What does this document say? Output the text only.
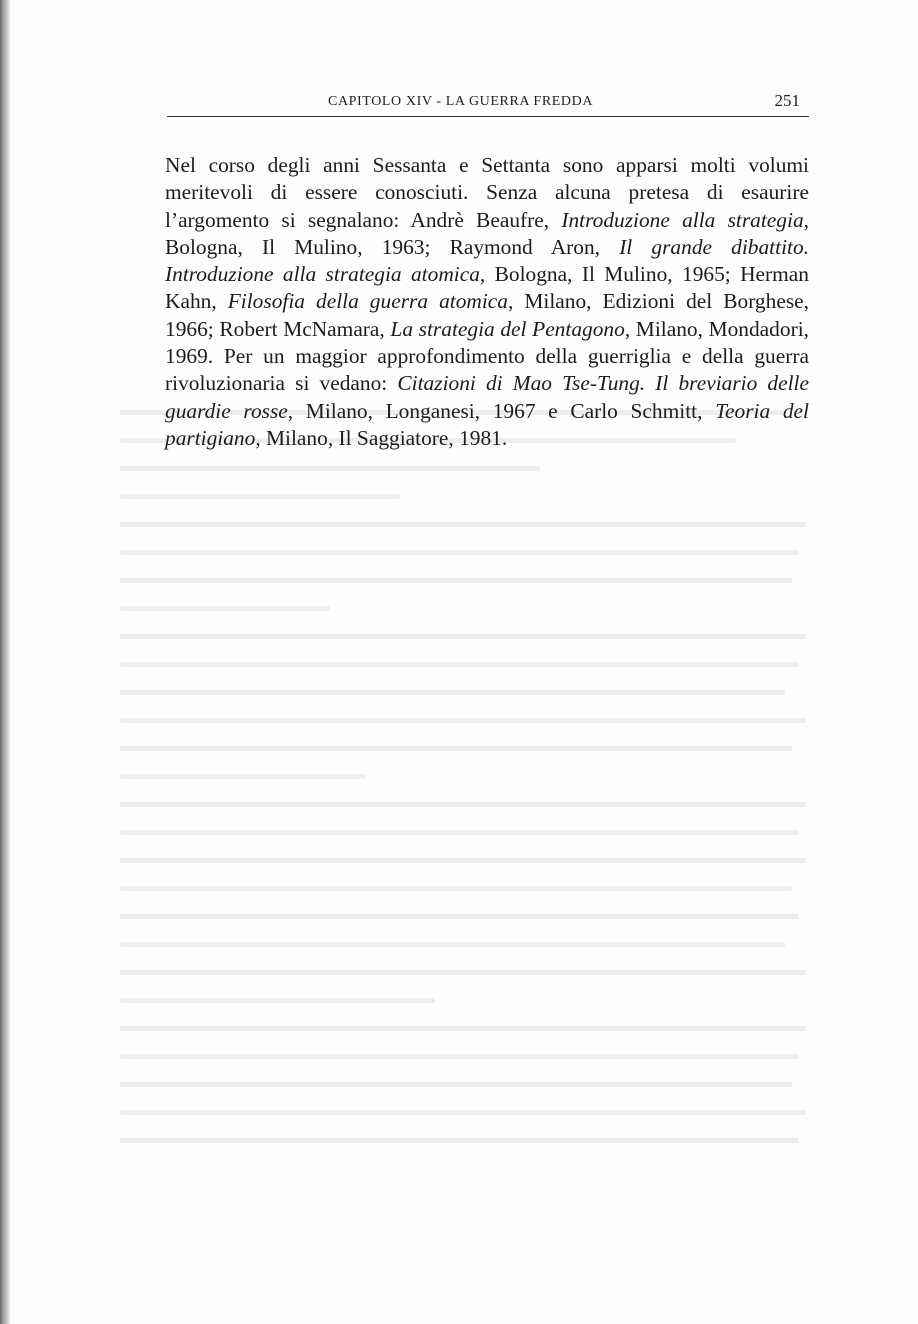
CAPITOLO XIV - LA GUERRA FREDDA	251

Nel corso degli anni Sessanta e Settanta sono apparsi molti volumi meritevoli di essere conosciuti. Senza alcuna pretesa di esaurire l’argomento si segnalano: Andrè Beaufre, Introduzione alla strategia, Bologna, Il Mulino, 1963; Raymond Aron, Il grande dibattito. Introduzione alla strategia atomica, Bologna, Il Mulino, 1965; Herman Kahn, Filosofia della guerra atomica, Milano, Edizioni del Borghese, 1966; Robert McNamara, La strategia del Pentagono, Milano, Mondadori, 1969. Per un maggior approfondimento della guerriglia e della guerra rivoluzionaria si vedano: Citazioni di Mao Tse-Tung. Il breviario delle guardie rosse, Milano, Longanesi, 1967 e Carlo Schmitt, Teoria del partigiano, Milano, Il Saggiatore, 1981.
